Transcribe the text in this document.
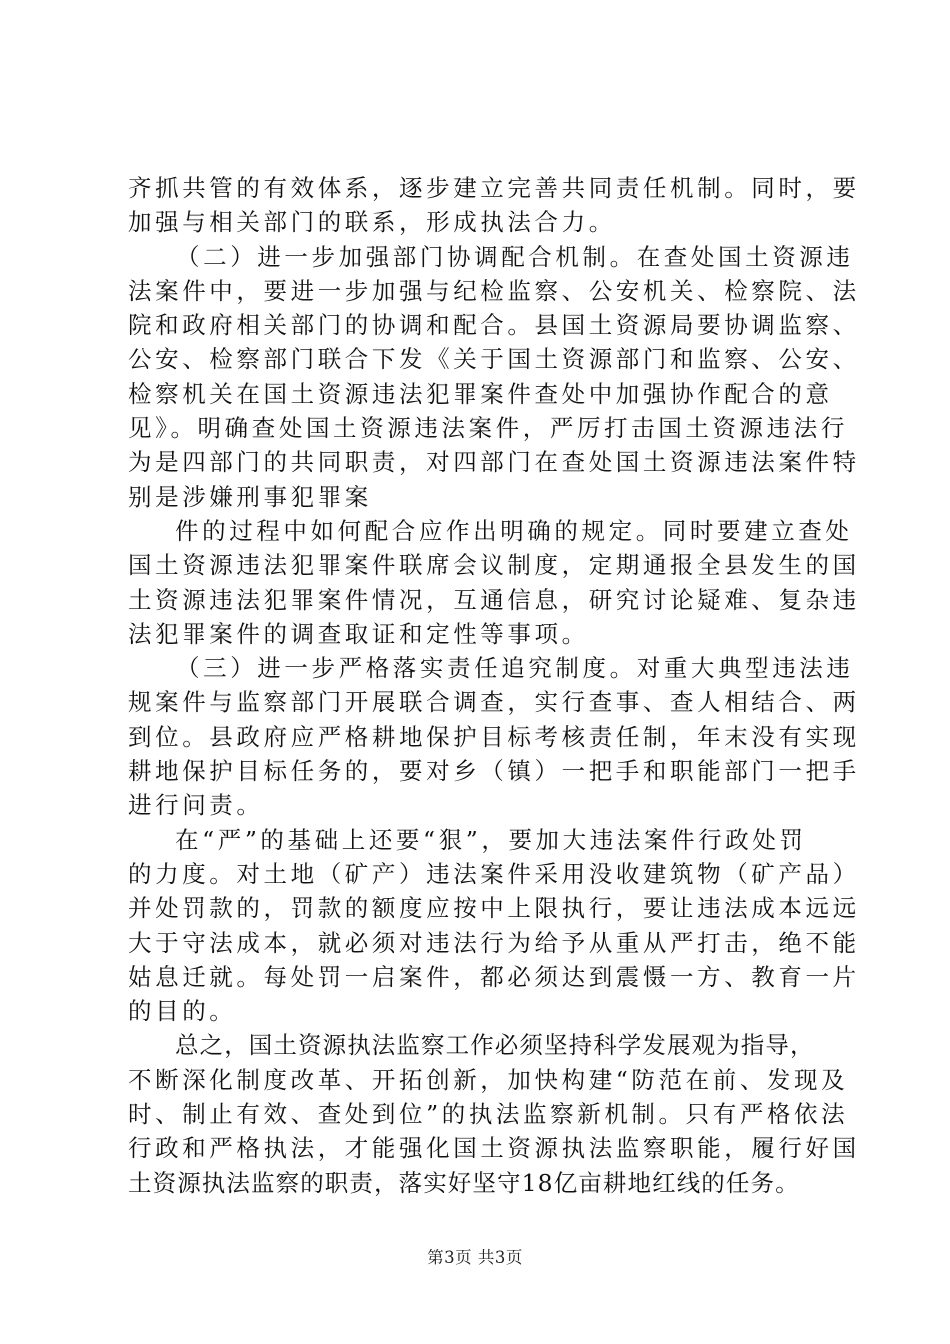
齐抓共管的有效体系，逐步建立完善共同责任机制。同时，要
加强与相关部门的联系，形成执法合力。
（二）进一步加强部门协调配合机制。在查处国土资源违
法案件中，要进一步加强与纪检监察、公安机关、检察院、法
院和政府相关部门的协调和配合。县国土资源局要协调监察、
公安、检察部门联合下发《关于国土资源部门和监察、公安、
检察机关在国土资源违法犯罪案件查处中加强协作配合的意
见》。明确查处国土资源违法案件，严厉打击国土资源违法行
为是四部门的共同职责，对四部门在查处国土资源违法案件特
别是涉嫌刑事犯罪案
件的过程中如何配合应作出明确的规定。同时要建立查处
国土资源违法犯罪案件联席会议制度，定期通报全县发生的国
土资源违法犯罪案件情况，互通信息，研究讨论疑难、复杂违
法犯罪案件的调查取证和定性等事项。
（三）进一步严格落实责任追究制度。对重大典型违法违
规案件与监察部门开展联合调查，实行查事、查人相结合、两
到位。县政府应严格耕地保护目标考核责任制，年末没有实现
耕地保护目标任务的，要对乡（镇）一把手和职能部门一把手
进行问责。
在“严”的基础上还要“狠”，要加大违法案件行政处罚
的力度。对土地（矿产）违法案件采用没收建筑物（矿产品）
并处罚款的，罚款的额度应按中上限执行，要让违法成本远远
大于守法成本，就必须对违法行为给予从重从严打击，绝不能
姑息迁就。每处罚一启案件，都必须达到震慑一方、教育一片
的目的。
总之，国土资源执法监察工作必须坚持科学发展观为指导，
不断深化制度改革、开拓创新，加快构建“防范在前、发现及
时、制止有效、查处到位”的执法监察新机制。只有严格依法
行政和严格执法，才能强化国土资源执法监察职能，履行好国
土资源执法监察的职责，落实好坚守18亿亩耕地红线的任务。
第3页 共3页
